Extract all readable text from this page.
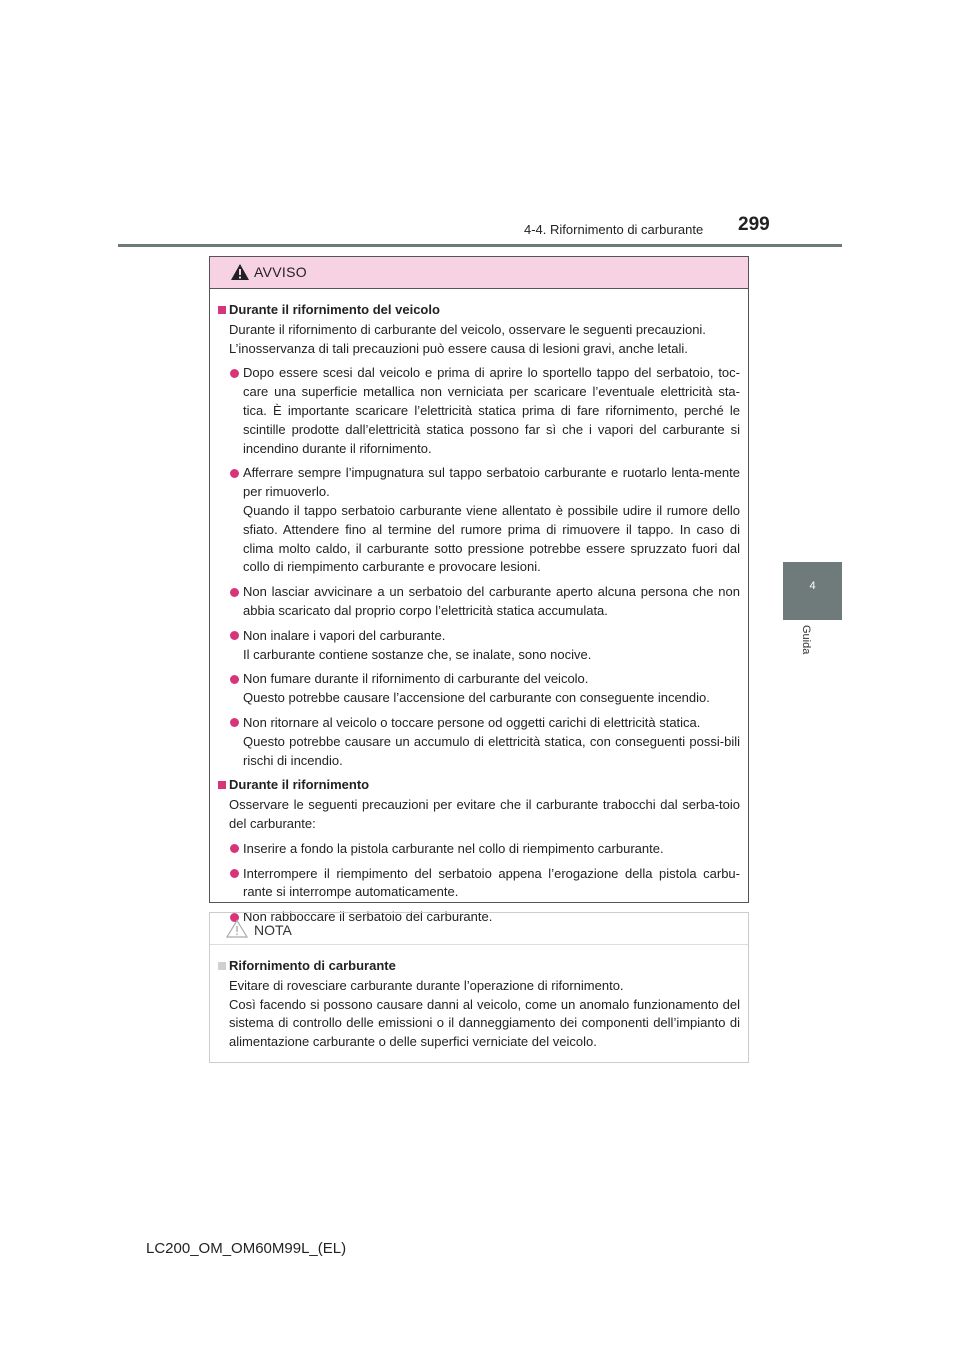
4-4. Rifornimento di carburante 299
4
Guida
AVVISO
Durante il rifornimento del veicolo
Durante il rifornimento di carburante del veicolo, osservare le seguenti precauzioni.
L’inosservanza di tali precauzioni può essere causa di lesioni gravi, anche letali.
Dopo essere scesi dal veicolo e prima di aprire lo sportello tappo del serbatoio, toc-care una superficie metallica non verniciata per scaricare l’eventuale elettricità sta-tica. È importante scaricare l’elettricità statica prima di fare rifornimento, perché le scintille prodotte dall’elettricità statica possono far sì che i vapori del carburante si incendino durante il rifornimento.
Afferrare sempre l’impugnatura sul tappo serbatoio carburante e ruotarlo lenta-mente per rimuoverlo.
Quando il tappo serbatoio carburante viene allentato è possibile udire il rumore dello sfiato. Attendere fino al termine del rumore prima di rimuovere il tappo. In caso di clima molto caldo, il carburante sotto pressione potrebbe essere spruzzato fuori dal collo di riempimento carburante e provocare lesioni.
Non lasciar avvicinare a un serbatoio del carburante aperto alcuna persona che non abbia scaricato dal proprio corpo l’elettricità statica accumulata.
Non inalare i vapori del carburante.
Il carburante contiene sostanze che, se inalate, sono nocive.
Non fumare durante il rifornimento di carburante del veicolo.
Questo potrebbe causare l’accensione del carburante con conseguente incendio.
Non ritornare al veicolo o toccare persone od oggetti carichi di elettricità statica.
Questo potrebbe causare un accumulo di elettricità statica, con conseguenti possi-bili rischi di incendio.
Durante il rifornimento
Osservare le seguenti precauzioni per evitare che il carburante trabocchi dal serba-toio del carburante:
Inserire a fondo la pistola carburante nel collo di riempimento carburante.
Interrompere il riempimento del serbatoio appena l’erogazione della pistola carbu-rante si interrompe automaticamente.
Non rabboccare il serbatoio del carburante.
NOTA
Rifornimento di carburante
Evitare di rovesciare carburante durante l’operazione di rifornimento.
Così facendo si possono causare danni al veicolo, come un anomalo funzionamento del sistema di controllo delle emissioni o il danneggiamento dei componenti dell’impianto di alimentazione carburante o delle superfici verniciate del veicolo.
LC200_OM_OM60M99L_(EL)
